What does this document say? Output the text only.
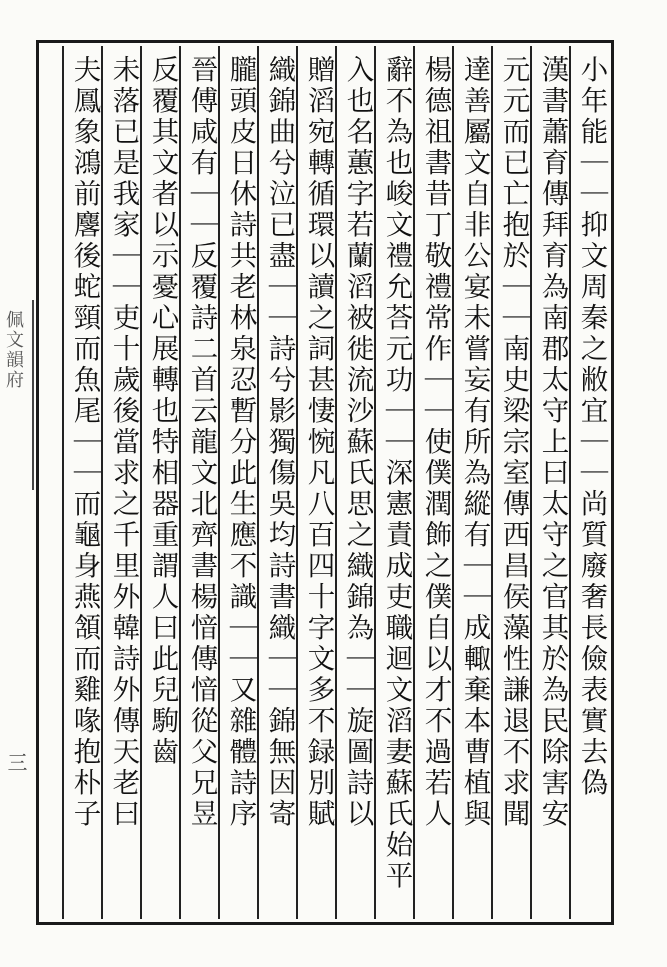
佩文韻府
三	小年能｜｜抑文周秦之敝宜｜｜尚質廢奢長儉表實去偽
漢書蕭育傳拜育為南郡太守上曰太守之官其於為民除害安
元元而已亡抱於｜｜南史梁宗室傳西昌侯藻性謙退不求聞
達善屬文自非公宴未嘗妄有所為縱有｜｜成輙棄本曹植與
楊德祖書昔丁敬禮常作｜｜使僕潤飾之僕自以才不過若人
辭不為也峻文禮允荅元功｜｜深憲責成吏職迴文滔妻蘇氏始平
入也名蕙字若蘭滔被徙流沙蘇氏思之織錦為｜｜旋圖詩以
贈滔宛轉循環以讀之詞甚悽惋凡八百四十字文多不録別賦
織錦曲兮泣已盡｜｜詩兮影獨傷吳均詩書織｜｜錦無因寄
朧頭皮日休詩共老林泉忍暫分此生應不識｜｜又雜體詩序
晉傅咸有｜｜反覆詩二首云龍文北齊書楊愔傳愔從父兄昱
反覆其文者以示憂心展轉也特相器重謂人曰此兒駒齒
未落已是我家｜｜吏十歲後當求之千里外韓詩外傳天老曰
夫鳳象鴻前麐後蛇頸而魚尾｜｜而龜身燕頷而雞喙抱朴子
